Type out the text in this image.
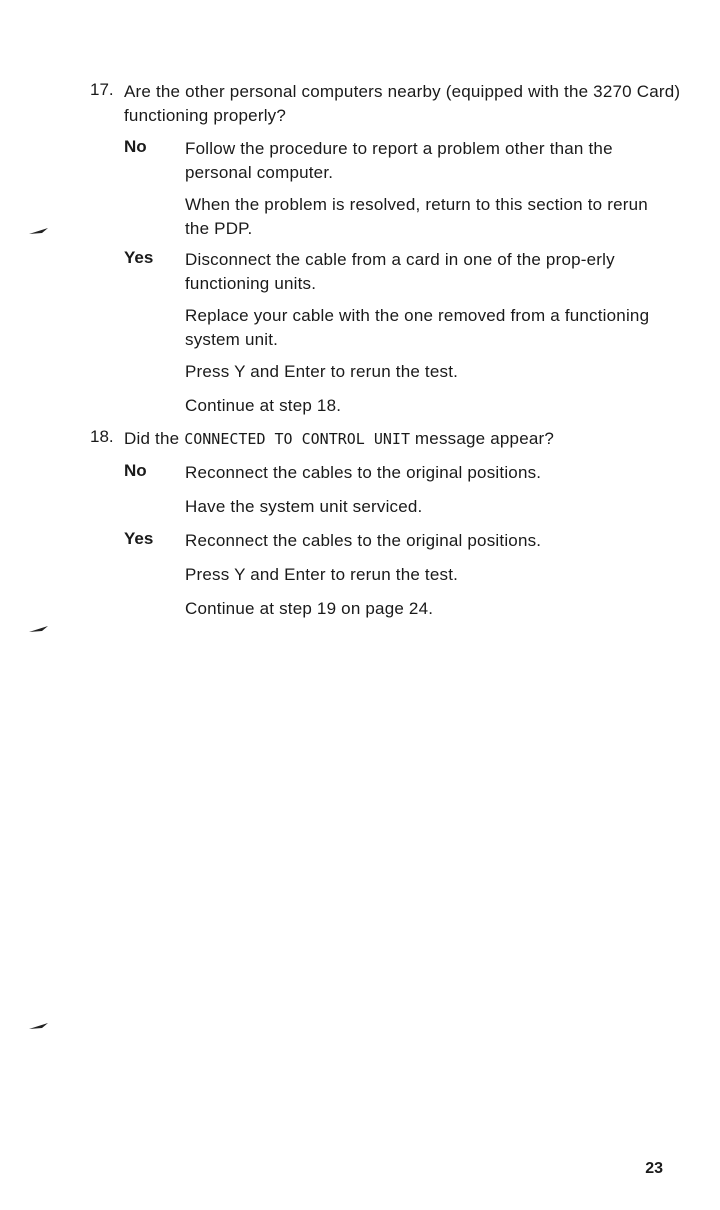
17. Are the other personal computers nearby (equipped with the 3270 Card) functioning properly?
No Follow the procedure to report a problem other than the personal computer.
When the problem is resolved, return to this section to rerun the PDP.
Yes Disconnect the cable from a card in one of the prop-erly functioning units.
Replace your cable with the one removed from a functioning system unit.
Press Y and Enter to rerun the test.
Continue at step 18.
18. Did the CONNECTED TO CONTROL UNIT message appear?
No Reconnect the cables to the original positions.
Have the system unit serviced.
Yes Reconnect the cables to the original positions.
Press Y and Enter to rerun the test.
Continue at step 19 on page 24.
23
